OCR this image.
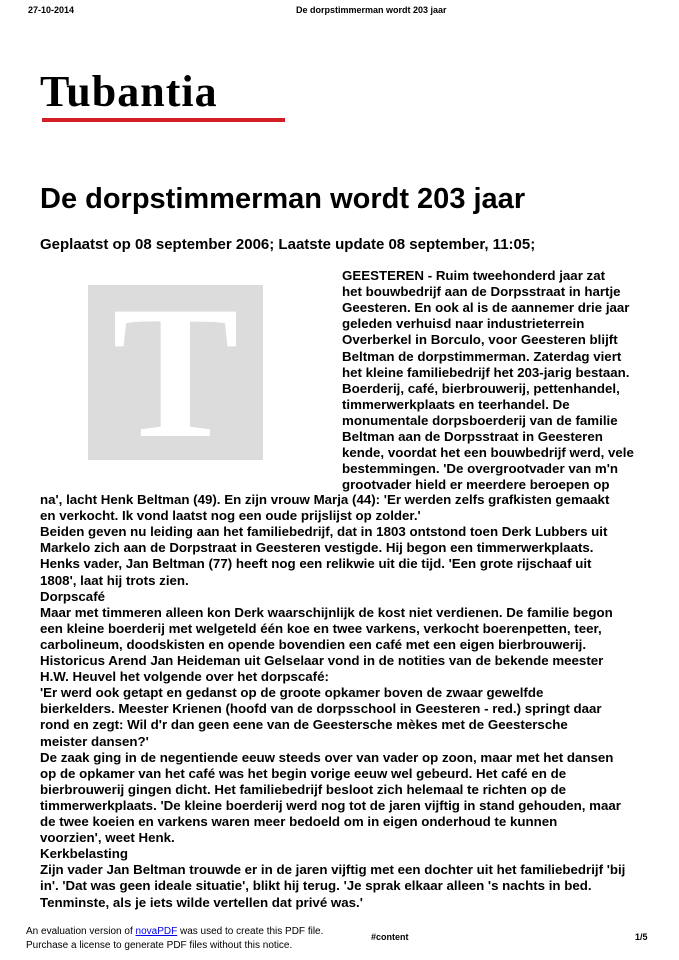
27-10-2014	De dorpstimmerman wordt 203 jaar
Tubantia
De dorpstimmerman wordt 203 jaar
Geplaatst op 08 september 2006; Laatste update 08 september, 11:05;
T	GEESTEREN - Ruim tweehonderd jaar zat

het bouwbedrijf aan de Dorpsstraat in hartje

Geesteren. En ook al is de aannemer drie jaar

geleden verhuisd naar industrieterrein

Overberkel in Borculo, voor Geesteren blijft

Beltman de dorpstimmerman. Zaterdag viert

het kleine familiebedrijf het 203-jarig bestaan.

Boerderij, café, bierbrouwerij, pettenhandel,

timmerwerkplaats en teerhandel. De

monumentale dorpsboerderij van de familie

Beltman aan de Dorpsstraat in Geesteren

kende, voordat het een bouwbedrijf werd, vele

bestemmingen. 'De overgrootvader van m'n

grootvader hield er meerdere beroepen op

na', lacht Henk Beltman (49). En zijn vrouw Marja (44): 'Er werden zelfs grafkisten gemaakt

en verkocht. Ik vond laatst nog een oude prijslijst op zolder.'

Beiden geven nu leiding aan het familiebedrijf, dat in 1803 ontstond toen Derk Lubbers uit

Markelo zich aan de Dorpstraat in Geesteren vestigde. Hij begon een timmerwerkplaats.

Henks vader, Jan Beltman (77) heeft nog een relikwie uit die tijd. 'Een grote rijschaaf uit

1808', laat hij trots zien.

Dorpscafé

Maar met timmeren alleen kon Derk waarschijnlijk de kost niet verdienen. De familie begon

een kleine boerderij met welgeteld één koe en twee varkens, verkocht boerenpetten, teer,

carbolineum, doodskisten en opende bovendien een café met een eigen bierbrouwerij.

Historicus Arend Jan Heideman uit Gelselaar vond in de notities van de bekende meester

H.W. Heuvel het volgende over het dorpscafé:

'Er werd ook getapt en gedanst op de groote opkamer boven de zwaar gewelfde

bierkelders. Meester Krienen (hoofd van de dorpsschool in Geesteren - red.) springt daar

rond en zegt: Wil d'r dan geen eene van de Geestersche mèkes met de Geestersche

meister dansen?'

De zaak ging in de negentiende eeuw steeds over van vader op zoon, maar met het dansen

op de opkamer van het café was het begin vorige eeuw wel gebeurd. Het café en de

bierbrouwerij gingen dicht. Het familiebedrijf besloot zich helemaal te richten op de

timmerwerkplaats. 'De kleine boerderij werd nog tot de jaren vijftig in stand gehouden, maar

de twee koeien en varkens waren meer bedoeld om in eigen onderhoud te kunnen

voorzien', weet Henk.

Kerkbelasting

Zijn vader Jan Beltman trouwde er in de jaren vijftig met een dochter uit het familiebedrijf 'bij

in'. 'Dat was geen ideale situatie', blikt hij terug. 'Je sprak elkaar alleen 's nachts in bed.

Tenminste, als je iets wilde vertellen dat privé was.'

An evaluation version of novaPDF was used to create this PDF file.
Purchase a license to generate PDF files without this notice.
#content	1/5
